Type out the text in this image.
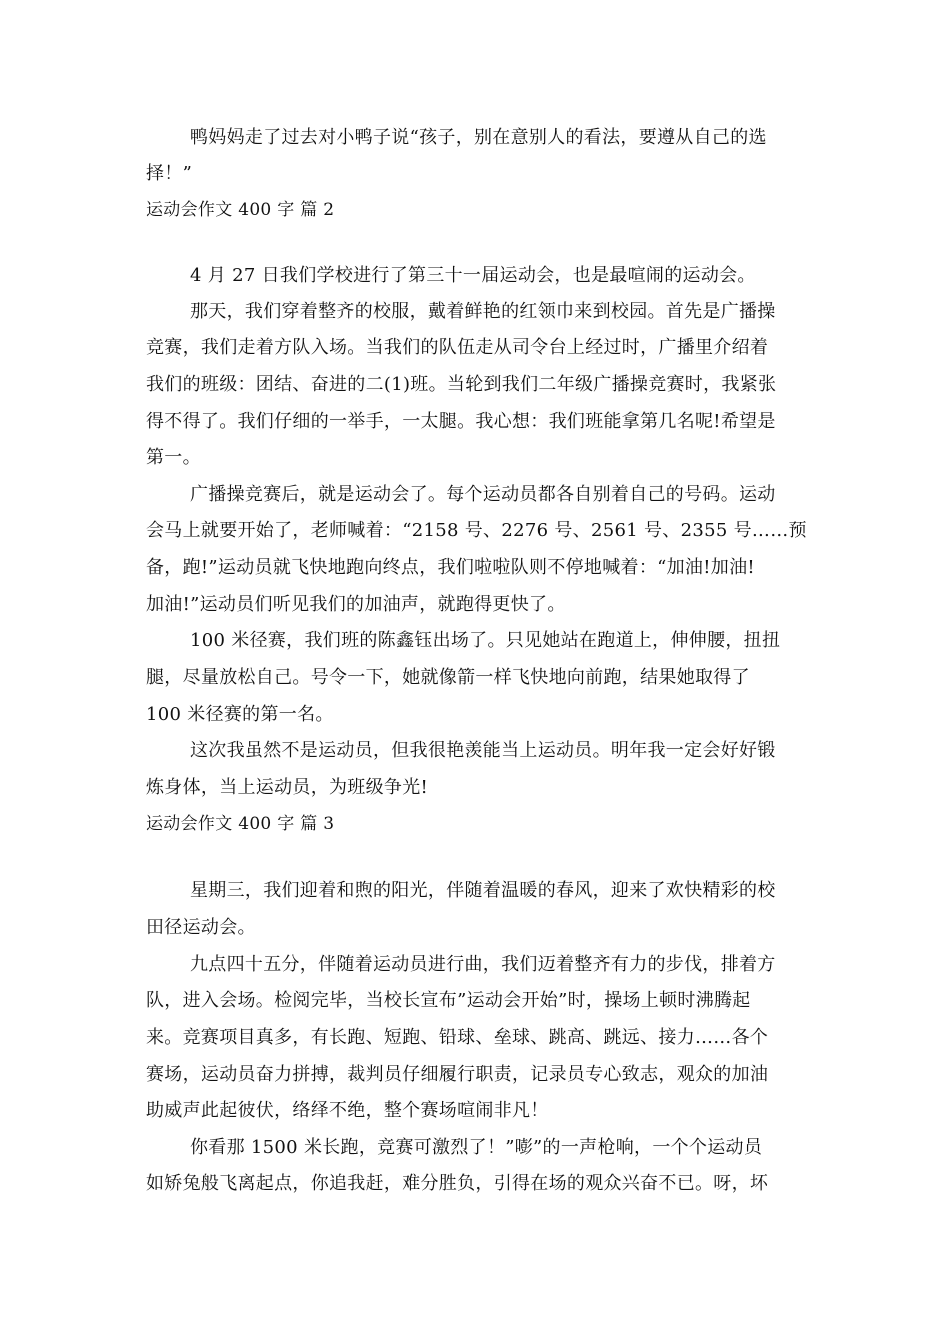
鸭妈妈走了过去对小鸭子说“孩子，别在意别人的看法，要遵从自己的选
择！”
运动会作文 400 字 篇 2
4 月 27 日我们学校进行了第三十一届运动会，也是最喧闹的运动会。
那天，我们穿着整齐的校服，戴着鲜艳的红领巾来到校园。首先是广播操
竞赛，我们走着方队入场。当我们的队伍走从司令台上经过时，广播里介绍着
我们的班级：团结、奋进的二(1)班。当轮到我们二年级广播操竞赛时，我紧张
得不得了。我们仔细的一举手，一太腿。我心想：我们班能拿第几名呢!希望是
第一。
广播操竞赛后，就是运动会了。每个运动员都各自别着自己的号码。运动
会马上就要开始了，老师喊着：“2158 号、2276 号、2561 号、2355 号……预
备，跑!”运动员就飞快地跑向终点，我们啦啦队则不停地喊着：“加油!加油!
加油!”运动员们听见我们的加油声，就跑得更快了。
100 米径赛，我们班的陈鑫钰出场了。只见她站在跑道上，伸伸腰，扭扭
腿，尽量放松自己。号令一下，她就像箭一样飞快地向前跑，结果她取得了
100 米径赛的第一名。
这次我虽然不是运动员，但我很艳羡能当上运动员。明年我一定会好好锻
炼身体，当上运动员，为班级争光!
运动会作文 400 字 篇 3
星期三，我们迎着和煦的阳光，伴随着温暖的春风，迎来了欢快精彩的校
田径运动会。
九点四十五分，伴随着运动员进行曲，我们迈着整齐有力的步伐，排着方
队，进入会场。检阅完毕，当校长宣布”运动会开始”时，操场上顿时沸腾起
来。竞赛项目真多，有长跑、短跑、铅球、垒球、跳高、跳远、接力……各个
赛场，运动员奋力拼搏，裁判员仔细履行职责，记录员专心致志，观众的加油
助威声此起彼伏，络绎不绝，整个赛场喧闹非凡！
你看那 1500 米长跑，竞赛可激烈了！”嘭”的一声枪响，一个个运动员
如矫兔般飞离起点，你追我赶，难分胜负，引得在场的观众兴奋不已。呀，坏
